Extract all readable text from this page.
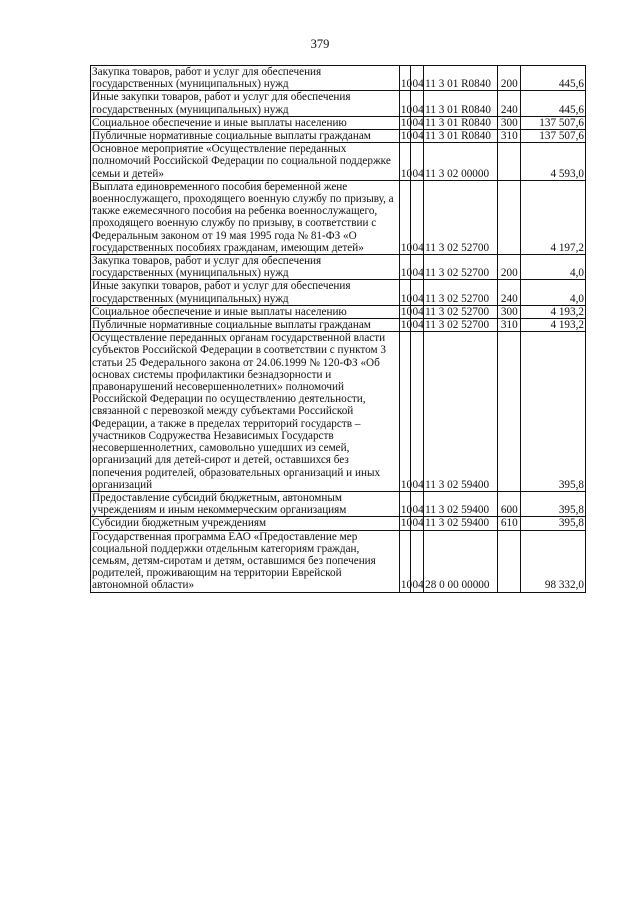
379
Закупка товаров, работ и услуг для обеспечения государственных (муниципальных) нужд	10	04	11 3 01 R0840	200	445,6
Иные закупки товаров, работ и услуг для обеспечения государственных (муниципальных) нужд	10	04	11 3 01 R0840	240	445,6
Социальное обеспечение и иные выплаты населению	10	04	11 3 01 R0840	300	137 507,6
Публичные нормативные социальные выплаты гражданам	10	04	11 3 01 R0840	310	137 507,6
Основное мероприятие «Осуществление переданных полномочий Российской Федерации по социальной поддержке семьи и детей»	10	04	11 3 02 00000		4 593,0
Выплата единовременного пособия беременной жене военнослужащего, проходящего военную службу по призыву, а также ежемесячного пособия на ребенка военнослужащего, проходящего военную службу по призыву, в соответствии с Федеральным законом от 19 мая 1995 года № 81-ФЗ «О государственных пособиях гражданам, имеющим детей»	10	04	11 3 02 52700		4 197,2
Закупка товаров, работ и услуг для обеспечения государственных (муниципальных) нужд	10	04	11 3 02 52700	200	4,0
Иные закупки товаров, работ и услуг для обеспечения государственных (муниципальных) нужд	10	04	11 3 02 52700	240	4,0
Социальное обеспечение и иные выплаты населению	10	04	11 3 02 52700	300	4 193,2
Публичные нормативные социальные выплаты гражданам	10	04	11 3 02 52700	310	4 193,2
Осуществление переданных органам государственной власти субъектов Российской Федерации в соответствии с пунктом 3 статьи 25 Федерального закона от 24.06.1999 № 120-ФЗ «Об основах системы профилактики безнадзорности и правонарушений несовершеннолетних» полномочий Российской Федерации по осуществлению деятельности, связанной с перевозкой между субъектами Российской Федерации, а также в пределах территорий государств – участников Содружества Независимых Государств несовершеннолетних, самовольно ушедших из семей, организаций для детей-сирот и детей, оставшихся без попечения родителей, образовательных организаций и иных организаций	10	04	11 3 02 59400		395,8
Предоставление субсидий бюджетным, автономным учреждениям и иным некоммерческим организациям	10	04	11 3 02 59400	600	395,8
Субсидии бюджетным учреждениям	10	04	11 3 02 59400	610	395,8
Государственная программа ЕАО «Предоставление мер социальной поддержки отдельным категориям граждан, семьям, детям-сиротам и детям, оставшимся без попечения родителей, проживающим на территории Еврейской автономной области»	10	04	28 0 00 00000		98 332,0
